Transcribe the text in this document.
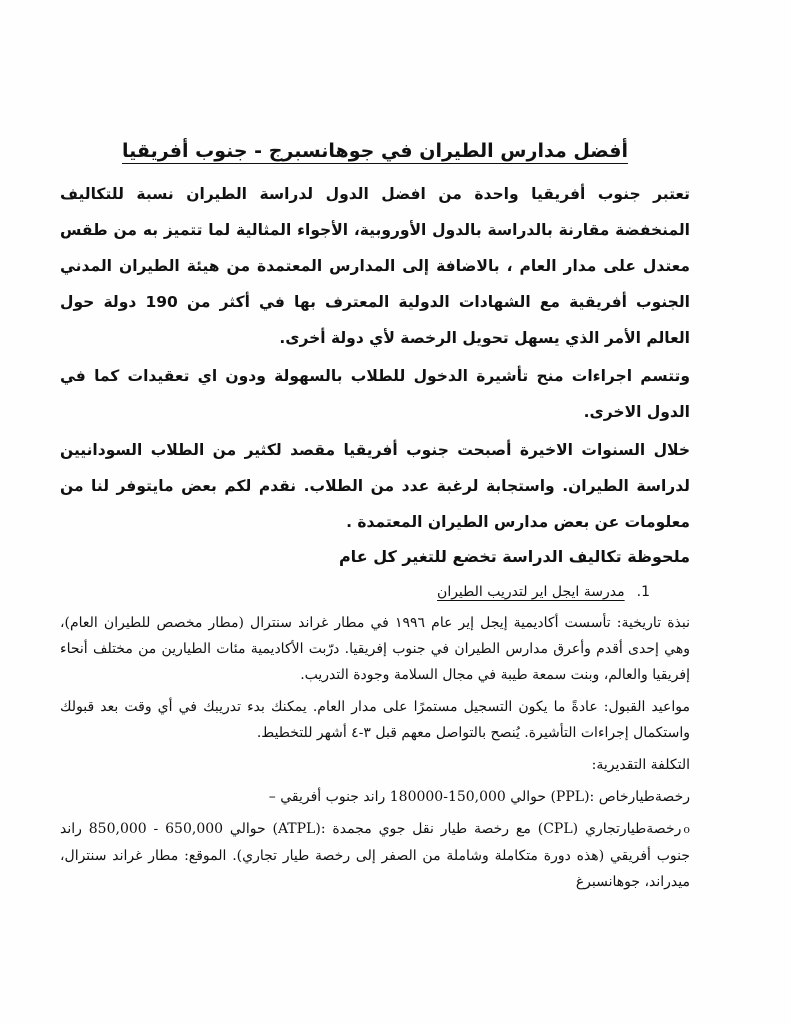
أفضل مدارس الطيران في جوهانسبرج - جنوب أفريقيا

تعتبر جنوب أفريقيا واحدة من افضل الدول لدراسة الطيران نسبة للتكاليف المنخفضة مقارنة بالدراسة بالدول الأوروبية، الأجواء المثالية لما تتميز به من طقس معتدل على مدار العام ، بالاضافة إلى المدارس المعتمدة من هيئة الطيران المدني الجنوب أفريقية مع الشهادات الدولية المعترف بها في أكثر من 190 دولة حول العالم الأمر الذي يسهل تحويل الرخصة لأي دولة أخرى.

وتتسم اجراءات منح تأشيرة الدخول للطلاب بالسهولة ودون اي تعقيدات كما في الدول الاخرى.

خلال السنوات الاخيرة أصبحت جنوب أفريقيا مقصد لكثير من الطلاب السودانيين لدراسة الطيران. واستجابة لرغبة عدد من الطلاب. نقدم لكم بعض مايتوفر لنا من معلومات عن بعض مدارس الطيران المعتمدة .

ملحوظة تكاليف الدراسة تخضع للتغير كل عام

1.مدرسة ايجل اير لتدريب الطيران

نبذة تاريخية: تأسست أكاديمية إيجل إير عام ١٩٩٦ في مطار غراند سنترال (مطار مخصص للطيران العام)، وهي إحدى أقدم وأعرق مدارس الطيران في جنوب إفريقيا. درّبت الأكاديمية مئات الطيارين من مختلف أنحاء إفريقيا والعالم، وبنت سمعة طيبة في مجال السلامة وجودة التدريب.

مواعيد القبول: عادةً ما يكون التسجيل مستمرًا على مدار العام. يمكنك بدء تدريبك في أي وقت بعد قبولك واستكمال إجراءات التأشيرة. يُنصح بالتواصل معهم قبل ٣-٤ أشهر للتخطيط.

التكلفة التقديرية:

رخصةطيارخاص :(PPL) حوالي 150,000-180000 راند جنوب أفريقي –

oرخصةطيارتجاري (CPL) مع رخصة طيار نقل جوي مجمدة :(ATPL) حوالي 650,000 - 850,000 راند جنوب أفريقي (هذه دورة متكاملة وشاملة من الصفر إلى رخصة طيار تجاري). الموقع: مطار غراند سنترال، ميدراند، جوهانسبرغ
